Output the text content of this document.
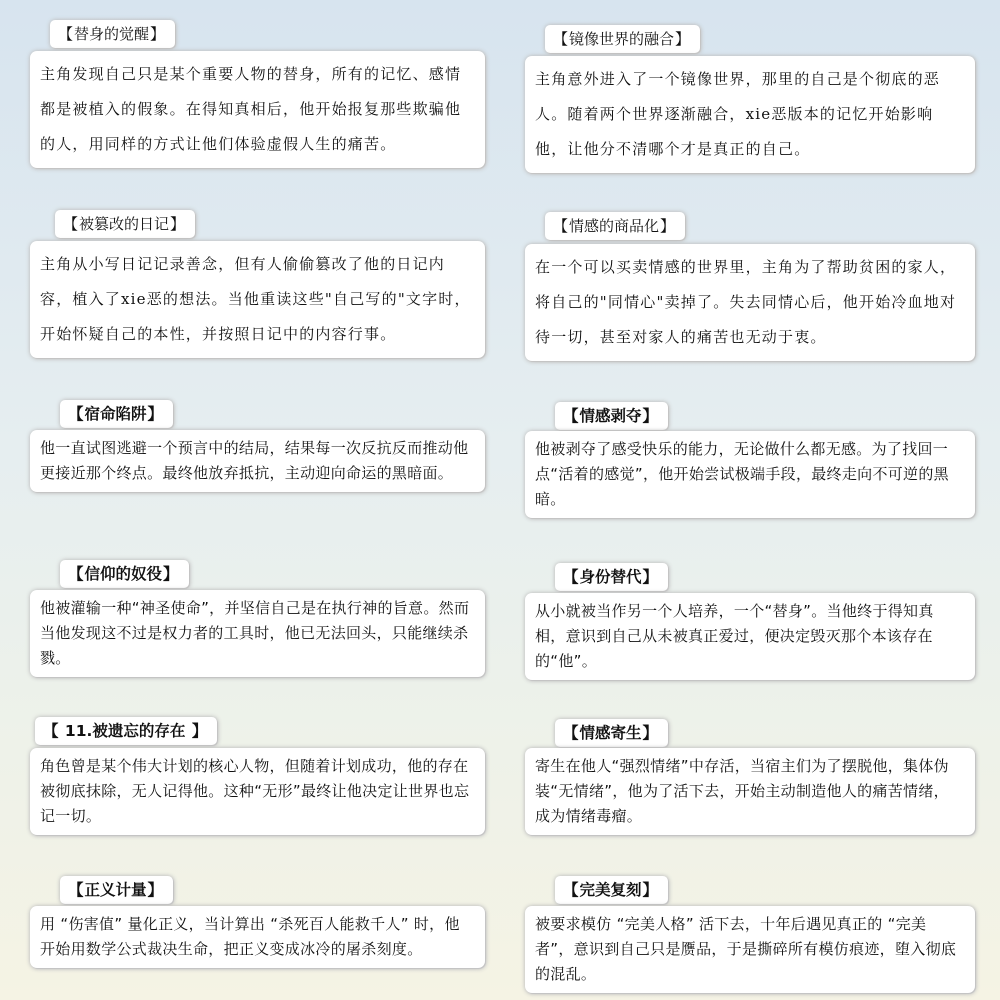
【 替身的觉醒 】
主角发现自己只是某个重要人物的替身，所有的记忆、感情都是被植入的假象。在得知真相后，他开始报复那些欺骗他的人，用同样的方式让他们体验虚假人生的痛苦。
【 镜像世界的融合 】
主角意外进入了一个镜像世界，那里的自己是个彻底的恶人。随着两个世界逐渐融合，xie恶版本的记忆开始影响他，让他分不清哪个才是真正的自己。
【 被篡改的日记 】
主角从小写日记记录善念，但有人偷偷篡改了他的日记内容，植入了xie恶的想法。当他重读这些"自己写的"文字时，开始怀疑自己的本性，并按照日记中的内容行事。
【 情感的商品化 】
在一个可以买卖情感的世界里，主角为了帮助贫困的家人，将自己的"同情心"卖掉了。失去同情心后，他开始冷血地对待一切，甚至对家人的痛苦也无动于衷。
【 宿命陷阱 】
他一直试图逃避一个预言中的结局，结果每一次反抗反而推动他更接近那个终点。最终他放弃抵抗，主动迎向命运的黑暗面。
【 情感剥夺 】
他被剥夺了感受快乐的能力，无论做什么都无感。为了找回一点“活着的感觉”，他开始尝试极端手段，最终走向不可逆的黑暗。
【 信仰的奴役 】
他被灌输一种“神圣使命”，并坚信自己是在执行神的旨意。然而当他发现这不过是权力者的工具时，他已无法回头，只能继续杀戮。
【 身份替代 】
从小就被当作另一个人培养，一个“替身”。当他终于得知真相，意识到自己从未被真正爱过，便决定毁灭那个本该存在的“他”。
【 11.被遗忘的存在 】
角色曾是某个伟大计划的核心人物，但随着计划成功，他的存在被彻底抹除，无人记得他。这种“无形”最终让他决定让世界也忘记一切。
【 情感寄生 】
寄生在他人“强烈情绪”中存活，当宿主们为了摆脱他，集体伪装“无情绪”，他为了活下去，开始主动制造他人的痛苦情绪，成为情绪毒瘤。
【 正义计量 】
用 “伤害值” 量化正义，当计算出 “杀死百人能救千人” 时，他开始用数学公式裁决生命，把正义变成冰冷的屠杀刻度。
【 完美复刻 】
被要求模仿 “完美人格” 活下去，十年后遇见真正的 “完美者”，意识到自己只是赝品，于是撕碎所有模仿痕迹，堕入彻底的混乱。
